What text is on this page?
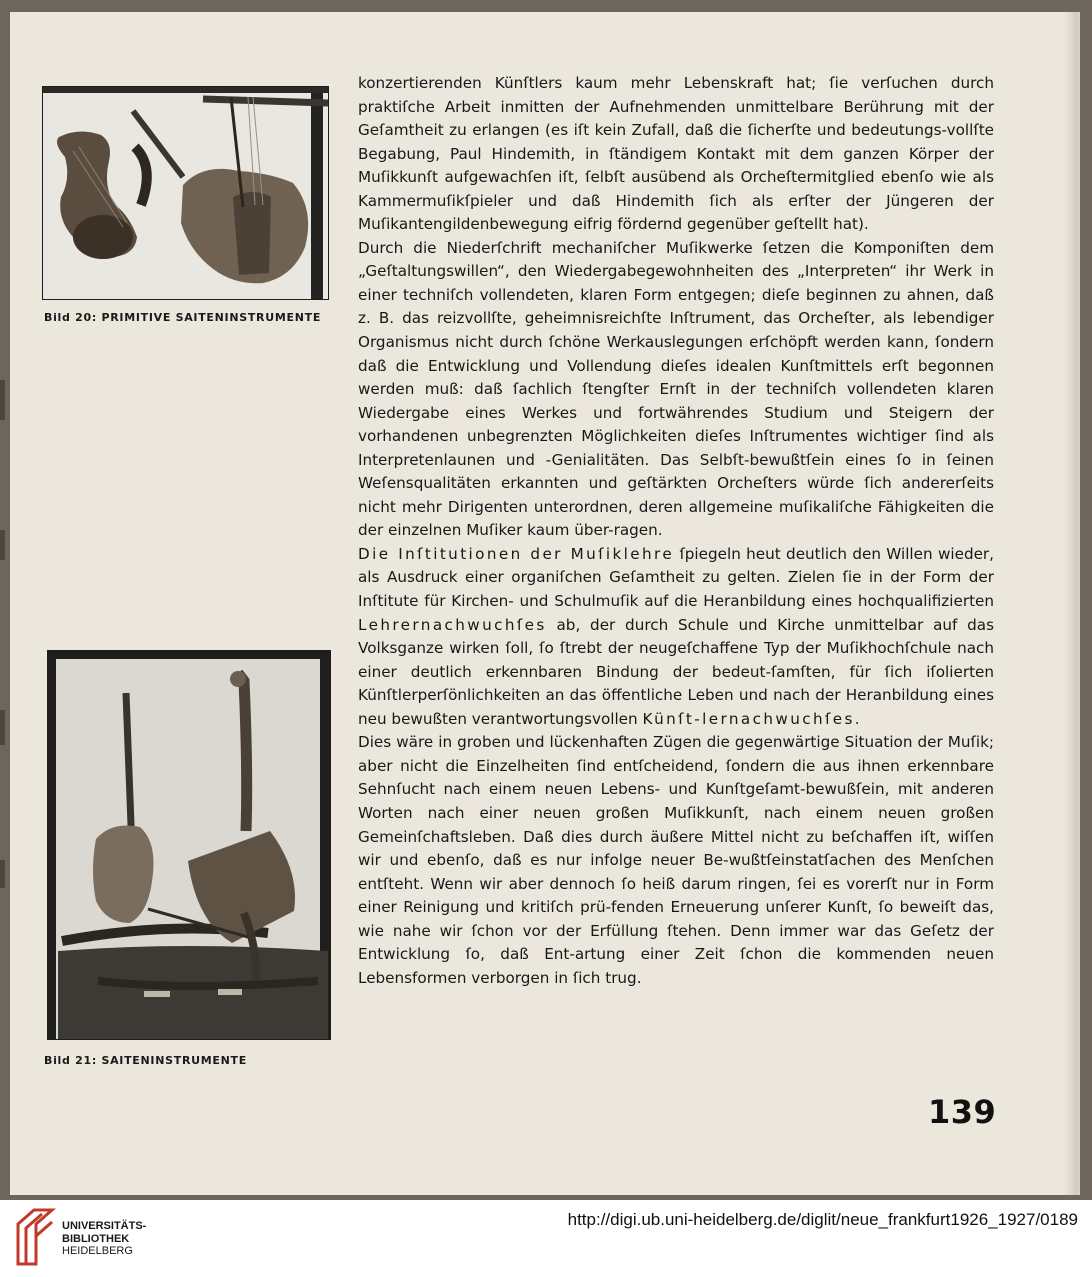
Bild 20: PRIMITIVE SAITENINSTRUMENTE
Bild 21: SAITENINSTRUMENTE

konzertierenden Künſtlers kaum mehr Lebenskraft hat; ſie verſuchen durch praktiſche Arbeit inmitten der Aufnehmenden unmittelbare Berührung mit der Geſamtheit zu erlangen (es iſt kein Zufall, daß die ſicherſte und bedeutungs-vollſte Begabung, Paul Hindemith, in ſtändigem Kontakt mit dem ganzen Körper der Muſikkunſt aufgewachſen iſt, ſelbſt ausübend als Orcheſtermitglied ebenſo wie als Kammermuſikſpieler und daß Hindemith ſich als erſter der Jüngeren der Muſikantengildenbewegung eifrig fördernd gegenüber geſtellt hat).

Durch die Niederſchrift mechaniſcher Muſikwerke ſetzen die Komponiſten dem „Geſtaltungswillen“, den Wiedergabegewohnheiten des „Interpreten“ ihr Werk in einer techniſch vollendeten, klaren Form entgegen; dieſe beginnen zu ahnen, daß z. B. das reizvollſte, geheimnisreichſte Inſtrument, das Orcheſter, als lebendiger Organismus nicht durch ſchöne Werkauslegungen erſchöpft werden kann, ſondern daß die Entwicklung und Vollendung dieſes idealen Kunſtmittels erſt begonnen werden muß: daß ſachlich ſtengſter Ernſt in der techniſch vollendeten klaren Wiedergabe eines Werkes und fortwährendes Studium und Steigern der vorhandenen unbegrenzten Möglichkeiten dieſes Inſtrumentes wichtiger ſind als Interpretenlaunen und -Genialitäten. Das Selbſt-bewußtſein eines ſo in ſeinen Weſensqualitäten erkannten und geſtärkten Orcheſters würde ſich andererſeits nicht mehr Dirigenten unterordnen, deren allgemeine muſikaliſche Fähigkeiten die der einzelnen Muſiker kaum über-ragen.

Die Inſtitutionen der Muſiklehre ſpiegeln heut deutlich den Willen wieder, als Ausdruck einer organiſchen Geſamtheit zu gelten. Zielen ſie in der Form der Inſtitute für Kirchen- und Schulmuſik auf die Heranbildung eines hochqualifizierten Lehrernachwuchſes ab, der durch Schule und Kirche unmittelbar auf das Volksganze wirken ſoll, ſo ſtrebt der neugeſchaffene Typ der Muſikhochſchule nach einer deutlich erkennbaren Bindung der bedeut-ſamſten, für ſich iſolierten Künſtlerperſönlichkeiten an das öffentliche Leben und nach der Heranbildung eines neu bewußten verantwortungsvollen Künſt-lernachwuchſes.

Dies wäre in groben und lückenhaften Zügen die gegenwärtige Situation der Muſik; aber nicht die Einzelheiten ſind entſcheidend, ſondern die aus ihnen erkennbare Sehnſucht nach einem neuen Lebens- und Kunſtgeſamt-bewußſein, mit anderen Worten nach einer neuen großen Muſikkunſt, nach einem neuen großen Gemeinſchaftsleben. Daß dies durch äußere Mittel nicht zu beſchaffen iſt, wiſſen wir und ebenſo, daß es nur infolge neuer Be-wußtſeinstatſachen des Menſchen entſteht. Wenn wir aber dennoch ſo heiß darum ringen, ſei es vorerſt nur in Form einer Reinigung und kritiſch prü-fenden Erneuerung unſerer Kunſt, ſo beweiſt das, wie nahe wir ſchon vor der Erfüllung ſtehen. Denn immer war das Geſetz der Entwicklung ſo, daß Ent-artung einer Zeit ſchon die kommenden neuen Lebensformen verborgen in ſich trug.

139
UNIVERSITÄTS-
BIBLIOTHEK
HEIDELBERG
http://digi.ub.uni-heidelberg.de/diglit/neue_frankfurt1926_1927/0189
